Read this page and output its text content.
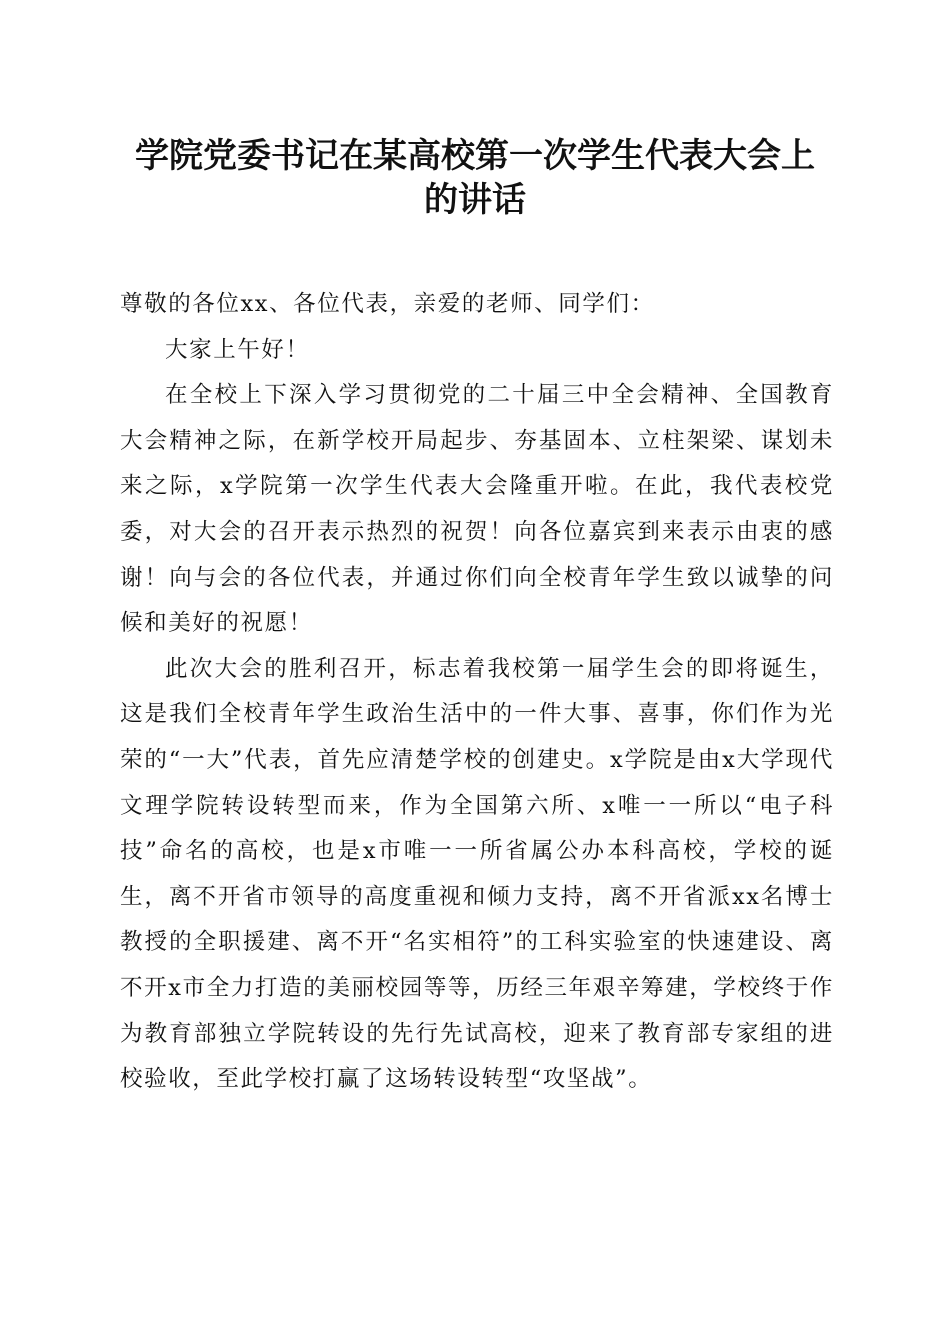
学院党委书记在某高校第一次学生代表大会上
的讲话

尊敬的各位xx、各位代表，亲爱的老师、同学们：

大家上午好！

在全校上下深入学习贯彻党的二十届三中全会精神、全国教育大会精神之际，在新学校开局起步、夯基固本、立柱架梁、谋划未来之际，x学院第一次学生代表大会隆重开啦。在此，我代表校党委，对大会的召开表示热烈的祝贺！向各位嘉宾到来表示由衷的感谢！向与会的各位代表，并通过你们向全校青年学生致以诚挚的问候和美好的祝愿！

此次大会的胜利召开，标志着我校第一届学生会的即将诞生，这是我们全校青年学生政治生活中的一件大事、喜事，你们作为光荣的“一大”代表，首先应清楚学校的创建史。x学院是由x大学现代文理学院转设转型而来，作为全国第六所、x唯一一所以“电子科技”命名的高校，也是x市唯一一所省属公办本科高校，学校的诞生，离不开省市领导的高度重视和倾力支持，离不开省派xx名博士教授的全职援建、离不开“名实相符”的工科实验室的快速建设、离不开x市全力打造的美丽校园等等，历经三年艰辛筹建，学校终于作为教育部独立学院转设的先行先试高校，迎来了教育部专家组的进校验收，至此学校打赢了这场转设转型“攻坚战”。
